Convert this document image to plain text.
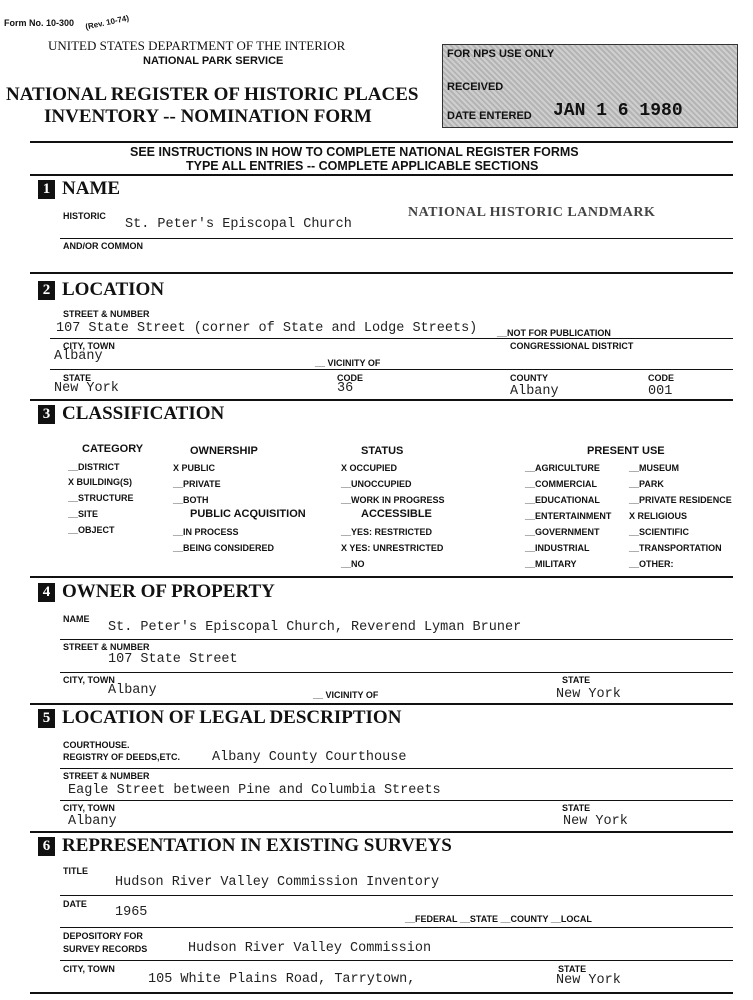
Form No. 10-300 (Rev. 10-74)
UNITED STATES DEPARTMENT OF THE INTERIOR
NATIONAL PARK SERVICE
NATIONAL REGISTER OF HISTORIC PLACES
INVENTORY -- NOMINATION FORM
FOR NPS USE ONLY
RECEIVED
DATE ENTERED JAN 1 6 1980
SEE INSTRUCTIONS IN HOW TO COMPLETE NATIONAL REGISTER FORMS
TYPE ALL ENTRIES -- COMPLETE APPLICABLE SECTIONS
1 NAME
HISTORIC
St. Peter's Episcopal Church
NATIONAL HISTORIC LANDMARK
AND/OR COMMON
2 LOCATION
STREET & NUMBER
107 State Street (corner of State and Lodge Streets) __NOT FOR PUBLICATION
CITY, TOWN	CONGRESSIONAL DISTRICT
Albany	__ VICINITY OF
STATE	CODE	COUNTY	CODE
New York	36	Albany	001
3 CLASSIFICATION
CATEGORY
__DISTRICT
X BUILDING(S)
__STRUCTURE
__SITE
__OBJECT
OWNERSHIP
X PUBLIC
__PRIVATE
__BOTH
PUBLIC ACQUISITION
__IN PROCESS
__BEING CONSIDERED
STATUS
X OCCUPIED
__UNOCCUPIED
__WORK IN PROGRESS
ACCESSIBLE
__YES: RESTRICTED
X YES: UNRESTRICTED
__NO
PRESENT USE
__AGRICULTURE
__COMMERCIAL
__EDUCATIONAL
__ENTERTAINMENT
__GOVERNMENT
__INDUSTRIAL
__MILITARY
__MUSEUM
__PARK
__PRIVATE RESIDENCE
X RELIGIOUS
__SCIENTIFIC
__TRANSPORTATION
__OTHER:
4 OWNER OF PROPERTY
NAME
St. Peter's Episcopal Church, Reverend Lyman Bruner
STREET & NUMBER
107 State Street
CITY, TOWN	STATE
Albany	__ VICINITY OF	New York
5 LOCATION OF LEGAL DESCRIPTION
COURTHOUSE.
REGISTRY OF DEEDS,ETC. Albany County Courthouse
STREET & NUMBER
Eagle Street between Pine and Columbia Streets
CITY, TOWN	STATE
Albany	New York
6 REPRESENTATION IN EXISTING SURVEYS
TITLE
Hudson River Valley Commission Inventory
DATE
1965	__FEDERAL __STATE __COUNTY __LOCAL
DEPOSITORY FOR
SURVEY RECORDS	Hudson River Valley Commission
CITY, TOWN	STATE
105 White Plains Road, Tarrytown,	New York
